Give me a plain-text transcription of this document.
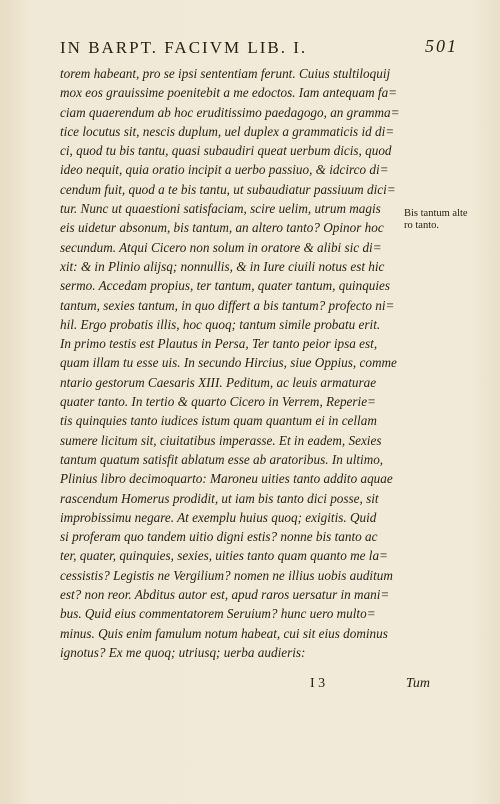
IN BARPT. FACIVM LIB. I.	501
torem habeant, pro se ipsi sententiam ferunt. Cuius stultiloquij
mox eos grauissime poenitebit a me edoctos. Iam antequam fa=
ciam quaerendum ab hoc eruditissimo paedagogo, an gramma=
tice locutus sit, nescis duplum, uel duplex a grammaticis id di=
ci, quod tu bis tantu, quasi subaudiri queat uerbum dicis, quod
ideo nequit, quia oratio incipit a uerbo passiuo, & idcirco di=
cendum fuit, quod a te bis tantu, ut subaudiatur passiuum dici=
tur. Nunc ut quaestioni satisfaciam, scire uelim, utrum magis
eis uidetur absonum, bis tantum, an altero tanto? Opinor hoc
secundum. Atqui Cicero non solum in oratore & alibi sic di=
xit: & in Plinio alijsq; nonnullis, & in Iure ciuili notus est hic
sermo. Accedam propius, ter tantum, quater tantum, quinquies
tantum, sexies tantum, in quo differt a bis tantum? profecto ni=
hil. Ergo probatis illis, hoc quoq; tantum simile probatu erit.
In primo testis est Plautus in Persa, Ter tanto peior ipsa est,
quam illam tu esse uis. In secundo Hircius, siue Oppius, comme
ntario gestorum Caesaris XIII. Peditum, ac leuis armaturae
quater tanto. In tertio & quarto Cicero in Verrem, Reperie=
tis quinquies tanto iudices istum quam quantum ei in cellam
sumere licitum sit, ciuitatibus imperasse. Et in eadem, Sexies
tantum quatum satisfit ablatum esse ab aratoribus. In ultimo,
Plinius libro decimoquarto: Maroneu uities tanto addito aquae
rascendum Homerus prodidit, ut iam bis tanto dici posse, sit
improbissimu negare. At exemplu huius quoq; exigitis. Quid
si proferam quo tandem uitio digni estis? nonne bis tanto ac
ter, quater, quinquies, sexies, uities tanto quam quanto me la=
cessistis? Legistis ne Vergilium? nomen ne illius uobis auditum
est? non reor. Abditus autor est, apud raros uersatur in mani=
bus. Quid eius commentatorem Seruium? hunc uero multo=
minus. Quis enim famulum notum habeat, cui sit eius dominus
ignotus? Ex me quoq; utriusq; uerba audieris:
Bis tantum alte
ro tanto.
I 3	Tum
